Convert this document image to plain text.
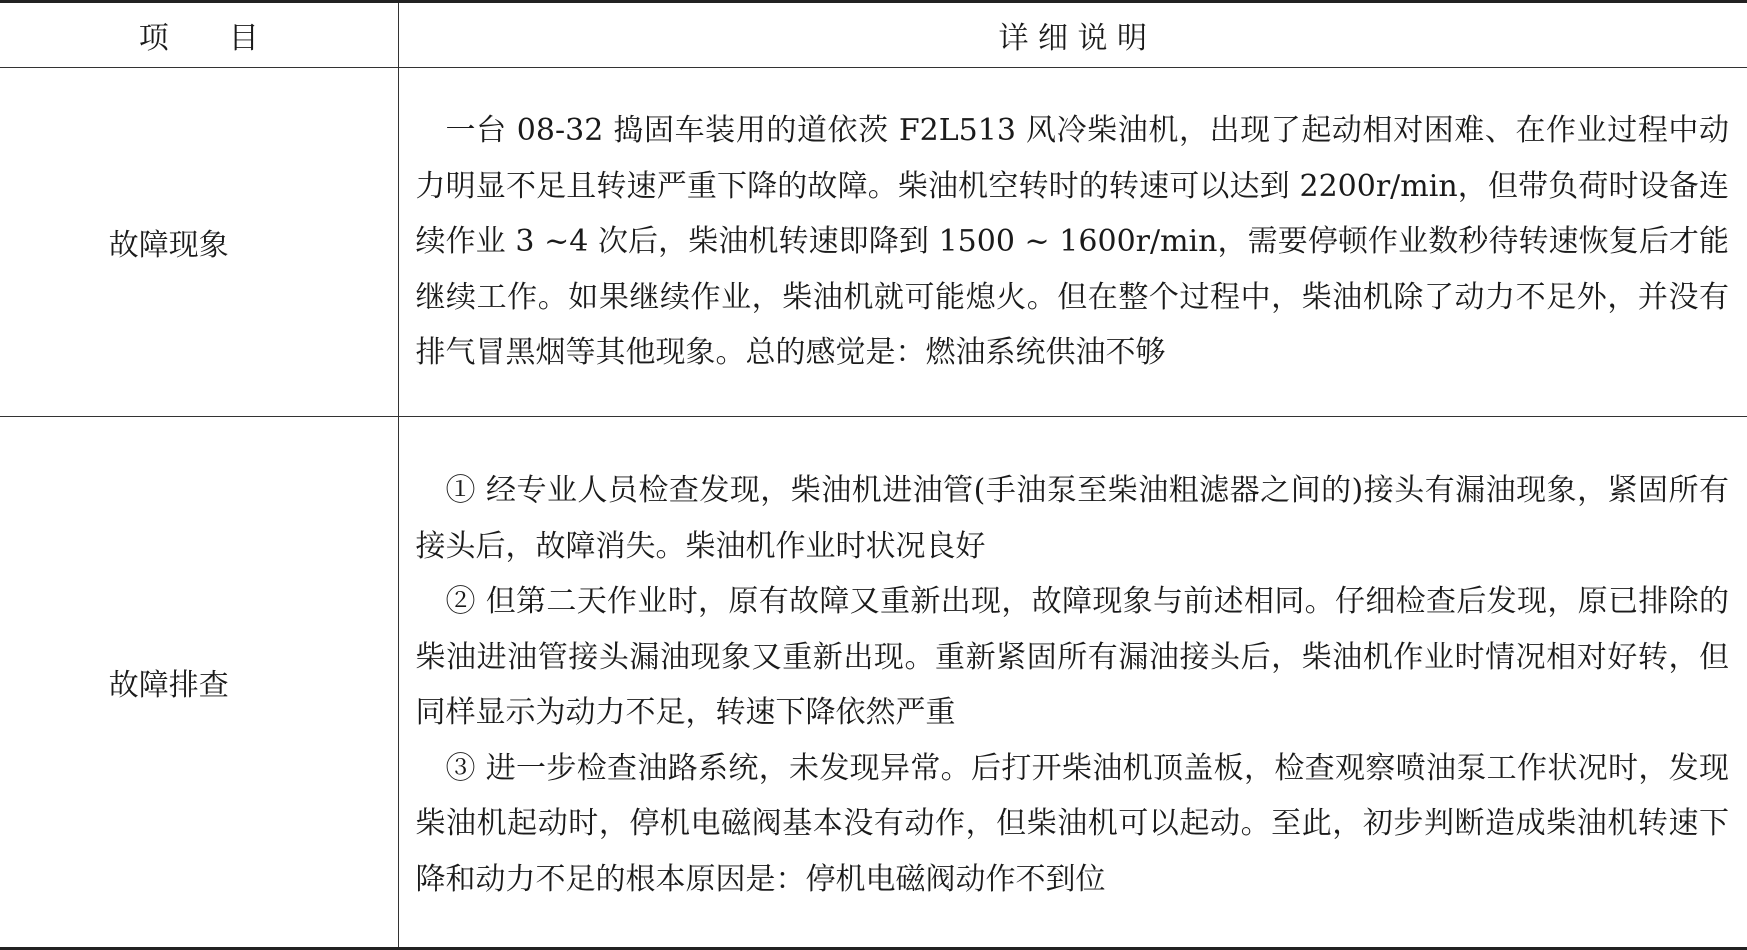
项　　目	详 细 说 明
故障现象	一台 08-32 捣固车装用的道依茨 F2L513 风冷柴油机，出现了起动相对困难、在作业过程中动力明显不足且转速严重下降的故障。柴油机空转时的转速可以达到 2200r/min，但带负荷时设备连续作业 3 ~4 次后，柴油机转速即降到 1500 ~ 1600r/min，需要停顿作业数秒待转速恢复后才能继续工作。如果继续作业，柴油机就可能熄火。但在整个过程中，柴油机除了动力不足外，并没有排气冒黑烟等其他现象。总的感觉是：燃油系统供油不够

故障排查	① 经专业人员检查发现，柴油机进油管(手油泵至柴油粗滤器之间的)接头有漏油现象，紧固所有接头后，故障消失。柴油机作业时状况良好

② 但第二天作业时，原有故障又重新出现，故障现象与前述相同。仔细检查后发现，原已排除的柴油进油管接头漏油现象又重新出现。重新紧固所有漏油接头后，柴油机作业时情况相对好转，但同样显示为动力不足，转速下降依然严重

③ 进一步检查油路系统，未发现异常。后打开柴油机顶盖板，检查观察喷油泵工作状况时，发现柴油机起动时，停机电磁阀基本没有动作，但柴油机可以起动。至此，初步判断造成柴油机转速下降和动力不足的根本原因是：停机电磁阀动作不到位
